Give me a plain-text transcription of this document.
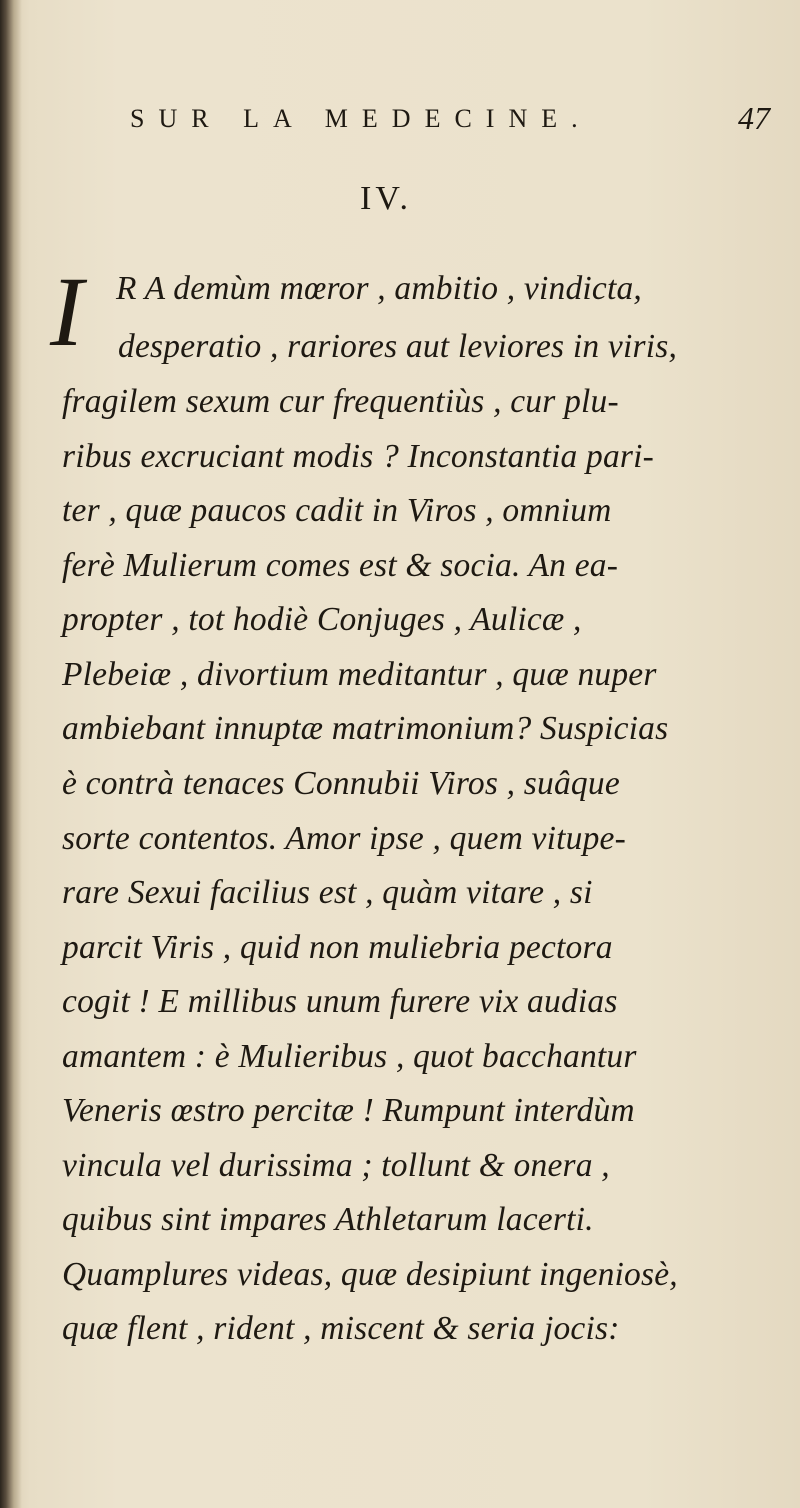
SUR LA MEDECINE.	47
IV.
I R A demùm mœror , ambitio , vindicta,
desperatio , rariores aut leviores in viris,
fragilem sexum cur frequentiùs , cur plu-
ribus excruciant modis ? Inconstantia pari-
ter , quæ paucos cadit in Viros , omnium
ferè Mulierum comes est & socia. An ea-
propter , tot hodiè Conjuges , Aulicæ ,
Plebeiæ , divortium meditantur , quæ nuper
ambiebant innuptæ matrimonium? Suspicias
è contrà tenaces Connubii Viros , suâque
sorte contentos. Amor ipse , quem vitupe-
rare Sexui facilius est , quàm vitare , si
parcit Viris , quid non muliebria pectora
cogit ! E millibus unum furere vix audias
amantem : è Mulieribus , quot bacchantur
Veneris œstro percitæ ! Rumpunt interdùm
vincula vel durissima ; tollunt & onera ,
quibus sint impares Athletarum lacerti.
Quamplures videas, quæ desipiunt ingeniosè,
quæ flent , rident , miscent & seria jocis:
